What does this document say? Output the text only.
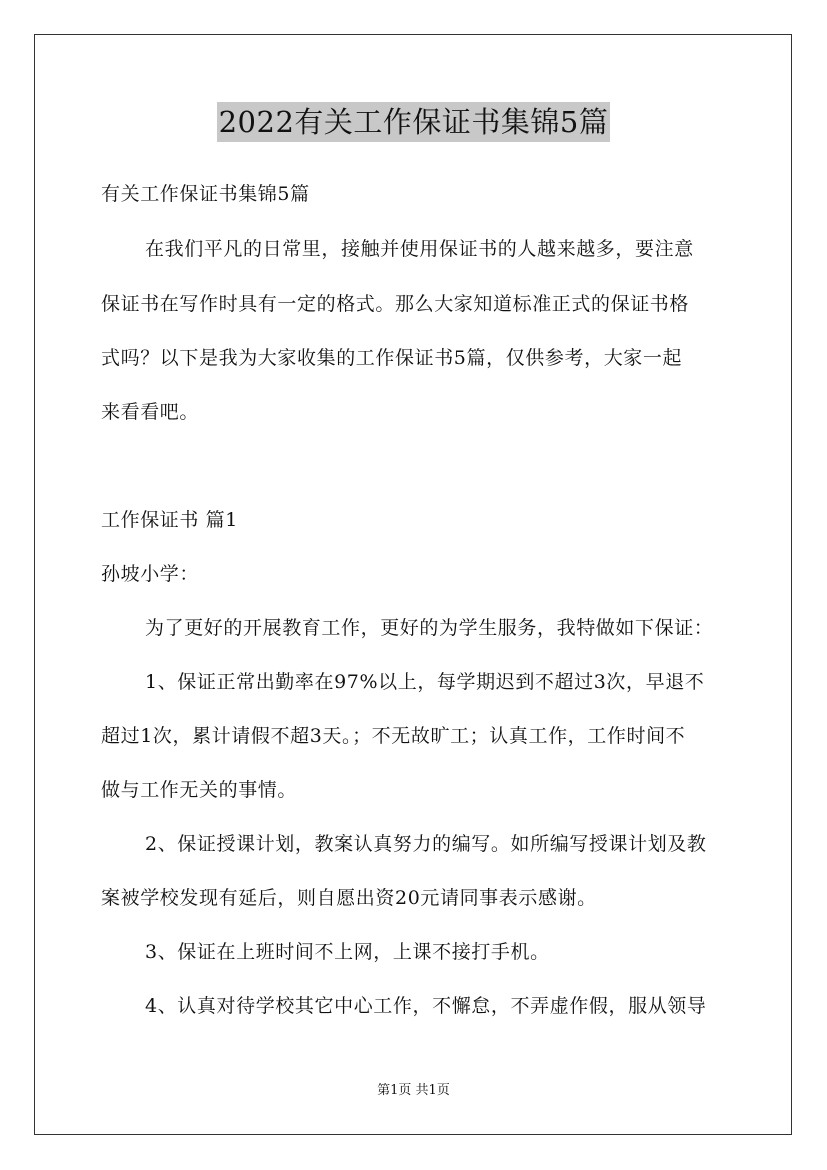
2022有关工作保证书集锦5篇
有关工作保证书集锦5篇
在我们平凡的日常里，接触并使用保证书的人越来越多，要注意
保证书在写作时具有一定的格式。那么大家知道标准正式的保证书格
式吗？以下是我为大家收集的工作保证书5篇，仅供参考，大家一起
来看看吧。
工作保证书 篇1
孙坡小学：
为了更好的开展教育工作，更好的为学生服务，我特做如下保证：
1、保证正常出勤率在97%以上，每学期迟到不超过3次，早退不
超过1次，累计请假不超3天。；不无故旷工；认真工作，工作时间不
做与工作无关的事情。
2、保证授课计划，教案认真努力的编写。如所编写授课计划及教
案被学校发现有延后，则自愿出资20元请同事表示感谢。
3、保证在上班时间不上网，上课不接打手机。
4、认真对待学校其它中心工作，不懈怠，不弄虚作假，服从领导
第1页 共1页
